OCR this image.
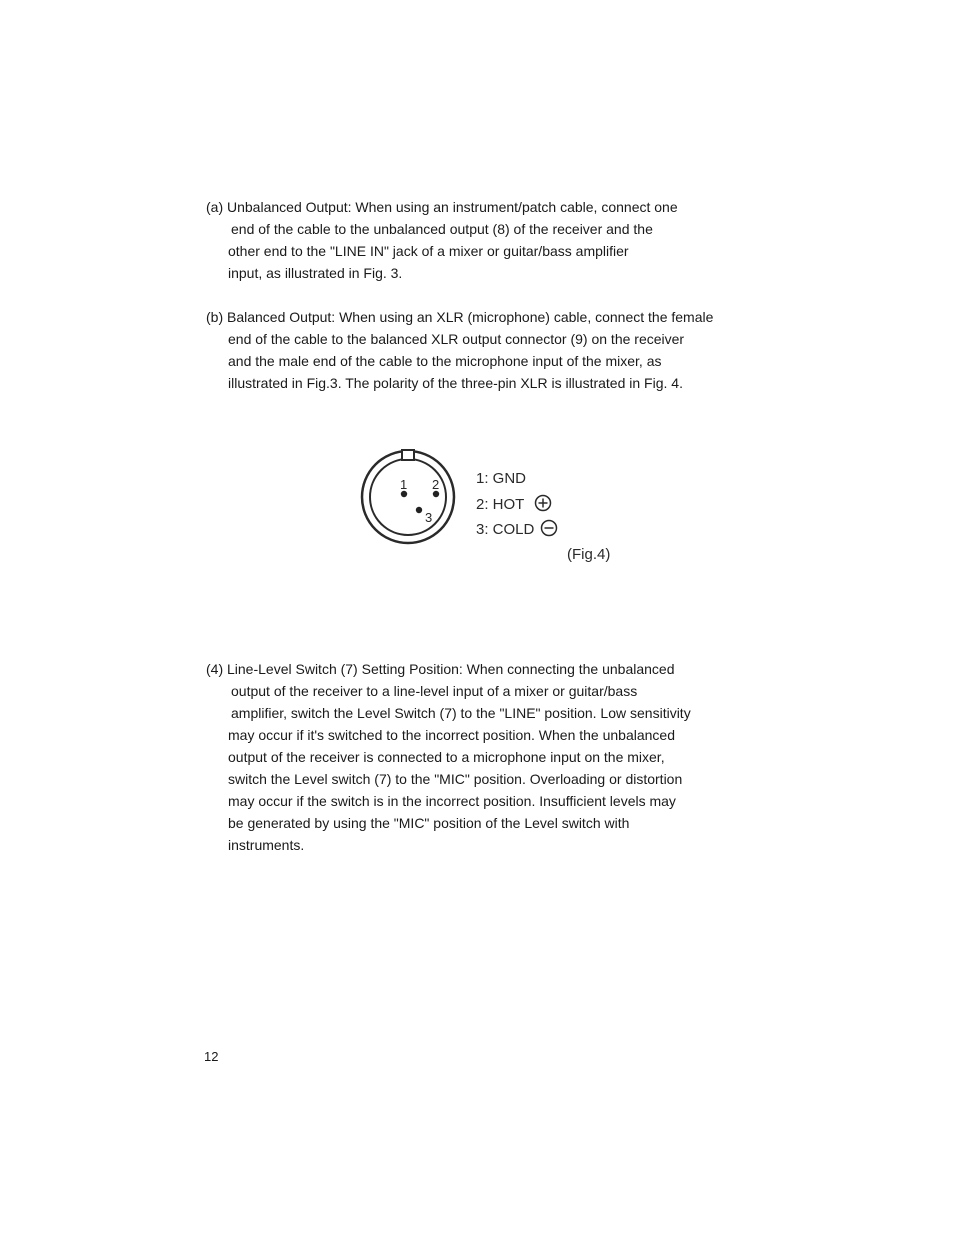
(a) Unbalanced Output: When using an instrument/patch cable, connect one
end of the cable to the unbalanced output (8) of the receiver and the
other end to the "LINE IN" jack of a mixer or guitar/bass amplifier
input, as illustrated in Fig. 3.
(b) Balanced Output: When using an XLR (microphone) cable, connect the female
end of the cable to the balanced XLR output connector (9) on the receiver
and the male end of the cable to the microphone input of the mixer, as
illustrated in Fig.3. The polarity of the three-pin XLR is illustrated in Fig. 4.
1 2
3
1: GND
2: HOT
3: COLD
(Fig.4)
(4) Line-Level Switch (7) Setting Position: When connecting the unbalanced
output of the receiver to a line-level input of a mixer or guitar/bass
amplifier, switch the Level Switch (7) to the "LINE" position. Low sensitivity
may occur if it's switched to the incorrect position. When the unbalanced
output of the receiver is connected to a microphone input on the mixer,
switch the Level switch (7) to the "MIC" position. Overloading or distortion
may occur if the switch is in the incorrect position. Insufficient levels may
be generated by using the "MIC" position of the Level switch with
instruments.
12
